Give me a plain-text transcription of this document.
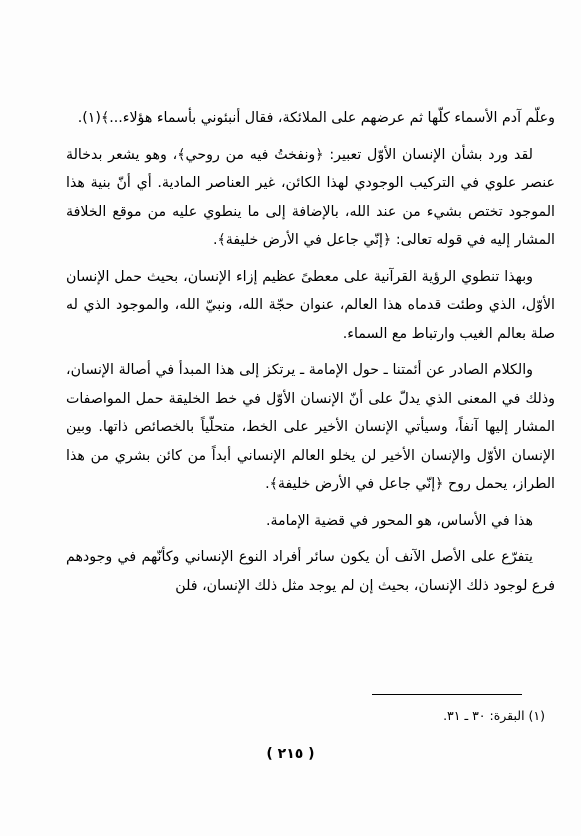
وعلّم آدم الأسماء كلّها ثم عرضهم على الملائكة، فقال أنبئوني بأسماء هؤلاء...﴾(١).

لقد ورد بشأن الإنسان الأوّل تعبير: ﴿ونفختُ فيه من روحي﴾، وهو يشعر بدخالة عنصر علوي في التركيب الوجودي لهذا الكائن، غير العناصر المادية. أي أنّ بنية هذا الموجود تختص بشيء من عند الله، بالإضافة إلى ما ينطوي عليه من موقع الخلافة المشار إليه في قوله تعالى: ﴿إنّي جاعل في الأرض خليفة﴾.

وبهذا تنطوي الرؤية القرآنية على معطىً عظيم إزاء الإنسان، بحيث حمل الإنسان الأوّل، الذي وطئت قدماه هذا العالم، عنوان حجّة الله، ونبيّ الله، والموجود الذي له صلة بعالم الغيب وارتباط مع السماء.

والكلام الصادر عن أئمتنا ـ حول الإمامة ـ يرتكز إلى هذا المبدأ في أصالة الإنسان، وذلك في المعنى الذي يدلّ على أنّ الإنسان الأوّل في خط الخليقة حمل المواصفات المشار إليها آنفاً، وسيأتي الإنسان الأخير على الخط، متحلّياً بالخصائص ذاتها. وبين الإنسان الأوّل والإنسان الأخير لن يخلو العالم الإنساني أبداً من كائن بشري من هذا الطراز، يحمل روح ﴿إنّي جاعل في الأرض خليفة﴾.

هذا في الأساس، هو المحور في قضية الإمامة.

يتفرّع على الأصل الآنف أن يكون سائر أفراد النوع الإنساني وكأنّهم في وجودهم فرع لوجود ذلك الإنسان، بحيث إن لم يوجد مثل ذلك الإنسان، فلن

(١) البقرة: ٣٠ ـ ٣١.
( ٢١٥ )
